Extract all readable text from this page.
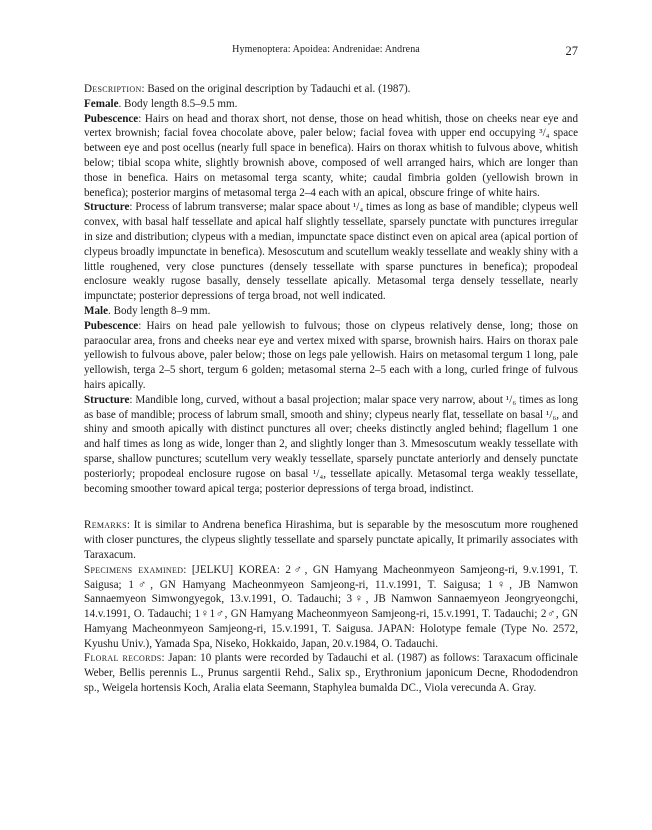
Hymenoptera: Apoidea: Andrenidae: Andrena	27

Description: Based on the original description by Tadauchi et al. (1987).

Female. Body length 8.5–9.5 mm.

Pubescence: Hairs on head and thorax short, not dense, those on head whitish, those on cheeks near eye and vertex brownish; facial fovea chocolate above, paler below; facial fovea with upper end occupying ³/₄ space between eye and post ocellus (nearly full space in benefica). Hairs on thorax whitish to fulvous above, whitish below; tibial scopa white, slightly brownish above, composed of well arranged hairs, which are longer than those in benefica. Hairs on metasomal terga scanty, white; caudal fimbria golden (yellowish brown in benefica); posterior margins of metasomal terga 2–4 each with an apical, obscure fringe of white hairs.

Structure: Process of labrum transverse; malar space about ¹/₄ times as long as base of mandible; clypeus well convex, with basal half tessellate and apical half slightly tessellate, sparsely punctate with punctures irregular in size and distribution; clypeus with a median, impunctate space distinct even on apical area (apical portion of clypeus broadly impunctate in benefica). Mesoscutum and scutellum weakly tessellate and weakly shiny with a little roughened, very close punctures (densely tessellate with sparse punctures in benefica); propodeal enclosure weakly rugose basally, densely tessellate apically. Metasomal terga densely tessellate, nearly impunctate; posterior depressions of terga broad, not well indicated.

Male. Body length 8–9 mm.

Pubescence: Hairs on head pale yellowish to fulvous; those on clypeus relatively dense, long; those on paraocular area, frons and cheeks near eye and vertex mixed with sparse, brownish hairs. Hairs on thorax pale yellowish to fulvous above, paler below; those on legs pale yellowish. Hairs on metasomal tergum 1 long, pale yellowish, terga 2–5 short, tergum 6 golden; metasomal sterna 2–5 each with a long, curled fringe of fulvous hairs apically.

Structure: Mandible long, curved, without a basal projection; malar space very narrow, about ¹/₆ times as long as base of mandible; process of labrum small, smooth and shiny; clypeus nearly flat, tessellate on basal ¹/₆, and shiny and smooth apically with distinct punctures all over; cheeks distinctly angled behind; flagellum 1 one and half times as long as wide, longer than 2, and slightly longer than 3. Mmesoscutum weakly tessellate with sparse, shallow punctures; scutellum very weakly tessellate, sparsely punctate anteriorly and densely punctate posteriorly; propodeal enclosure rugose on basal ¹/₄, tessellate apically. Metasomal terga weakly tessellate, becoming smoother toward apical terga; posterior depressions of terga broad, indistinct.

Remarks: It is similar to Andrena benefica Hirashima, but is separable by the mesoscutum more roughened with closer punctures, the clypeus slightly tessellate and sparsely punctate apically, It primarily associates with Taraxacum.

Specimens examined: [JELKU] KOREA: 2♂, GN Hamyang Macheonmyeon Samjeong-ri, 9.v.1991, T. Saigusa; 1♂, GN Hamyang Macheonmyeon Samjeong-ri, 11.v.1991, T. Saigusa; 1♀, JB Namwon Sannaemyeon Simwongyegok, 13.v.1991, O. Tadauchi; 3♀, JB Namwon Sannaemyeon Jeongryeongchi, 14.v.1991, O. Tadauchi; 1♀1♂, GN Hamyang Macheonmyeon Samjeong-ri, 15.v.1991, T. Tadauchi; 2♂, GN Hamyang Macheonmyeon Samjeong-ri, 15.v.1991, T. Saigusa. JAPAN: Holotype female (Type No. 2572, Kyushu Univ.), Yamada Spa, Niseko, Hokkaido, Japan, 20.v.1984, O. Tadauchi.

Floral records: Japan: 10 plants were recorded by Tadauchi et al. (1987) as follows: Taraxacum officinale Weber, Bellis perennis L., Prunus sargentii Rehd., Salix sp., Erythronium japonicum Decne, Rhododendron sp., Weigela hortensis Koch, Aralia elata Seemann, Staphylea bumalda DC., Viola verecunda A. Gray.
